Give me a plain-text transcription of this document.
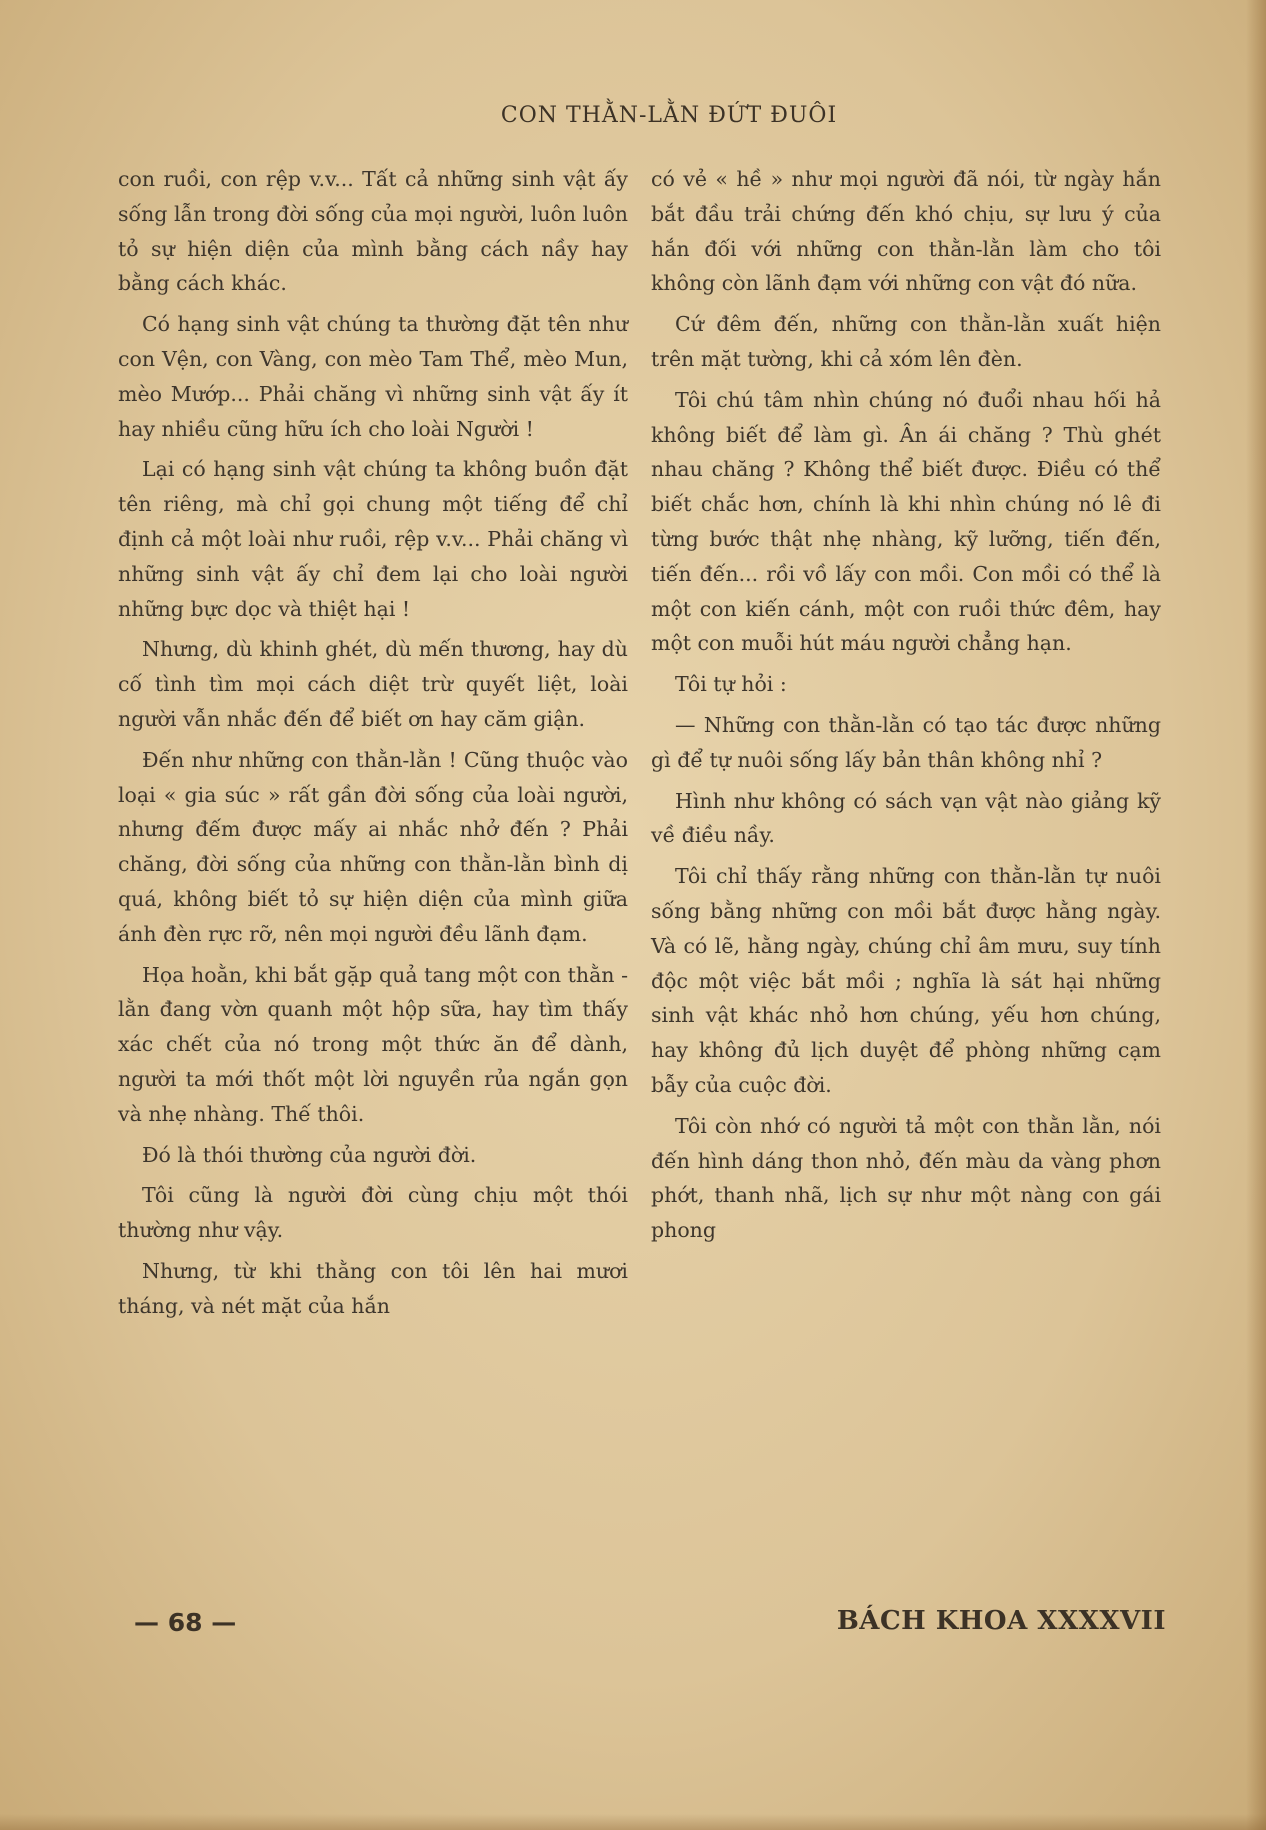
CON THẰN-LẰN ĐỨT ĐUÔI

con ruồi, con rệp v.v... Tất cả những sinh vật ấy sống lẫn trong đời sống của mọi người, luôn luôn tỏ sự hiện diện của mình bằng cách nầy hay bằng cách khác.

Có hạng sinh vật chúng ta thường đặt tên như con Vện, con Vàng, con mèo Tam Thể, mèo Mun, mèo Mướp... Phải chăng vì những sinh vật ấy ít hay nhiều cũng hữu ích cho loài Người !

Lại có hạng sinh vật chúng ta không buồn đặt tên riêng, mà chỉ gọi chung một tiếng để chỉ định cả một loài như ruồi, rệp v.v... Phải chăng vì những sinh vật ấy chỉ đem lại cho loài người những bực dọc và thiệt hại !

Nhưng, dù khinh ghét, dù mến thương, hay dù cố tình tìm mọi cách diệt trừ quyết liệt, loài người vẫn nhắc đến để biết ơn hay căm giận.

Đến như những con thằn-lằn ! Cũng thuộc vào loại « gia súc » rất gần đời sống của loài người, nhưng đếm được mấy ai nhắc nhở đến ? Phải chăng, đời sống của những con thằn-lằn bình dị quá, không biết tỏ sự hiện diện của mình giữa ánh đèn rực rỡ, nên mọi người đều lãnh đạm.

Họa hoằn, khi bắt gặp quả tang một con thằn - lằn đang vờn quanh một hộp sữa, hay tìm thấy xác chết của nó trong một thức ăn để dành, người ta mới thốt một lời nguyền rủa ngắn gọn và nhẹ nhàng. Thế thôi.

Đó là thói thường của người đời.

Tôi cũng là người đời cùng chịu một thói thường như vậy.

Nhưng, từ khi thằng con tôi lên hai mươi tháng, và nét mặt của hắn

có vẻ « hề » như mọi người đã nói, từ ngày hắn bắt đầu trải chứng đến khó chịu, sự lưu ý của hắn đối với những con thằn-lằn làm cho tôi không còn lãnh đạm với những con vật đó nữa.

Cứ đêm đến, những con thằn-lằn xuất hiện trên mặt tường, khi cả xóm lên đèn.

Tôi chú tâm nhìn chúng nó đuổi nhau hối hả không biết để làm gì. Ân ái chăng ? Thù ghét nhau chăng ? Không thể biết được. Điều có thể biết chắc hơn, chính là khi nhìn chúng nó lê đi từng bước thật nhẹ nhàng, kỹ lưỡng, tiến đến, tiến đến... rồi vồ lấy con mồi. Con mồi có thể là một con kiến cánh, một con ruồi thức đêm, hay một con muỗi hút máu người chẳng hạn.

Tôi tự hỏi :

— Những con thằn-lằn có tạo tác được những gì để tự nuôi sống lấy bản thân không nhỉ ?

Hình như không có sách vạn vật nào giảng kỹ về điều nầy.

Tôi chỉ thấy rằng những con thằn-lằn tự nuôi sống bằng những con mồi bắt được hằng ngày. Và có lẽ, hằng ngày, chúng chỉ âm mưu, suy tính độc một việc bắt mồi ; nghĩa là sát hại những sinh vật khác nhỏ hơn chúng, yếu hơn chúng, hay không đủ lịch duyệt để phòng những cạm bẫy của cuộc đời.

Tôi còn nhớ có người tả một con thằn lằn, nói đến hình dáng thon nhỏ, đến màu da vàng phơn phớt, thanh nhã, lịch sự như một nàng con gái phong

— 68 —	BÁCH KHOA XXXXVII
